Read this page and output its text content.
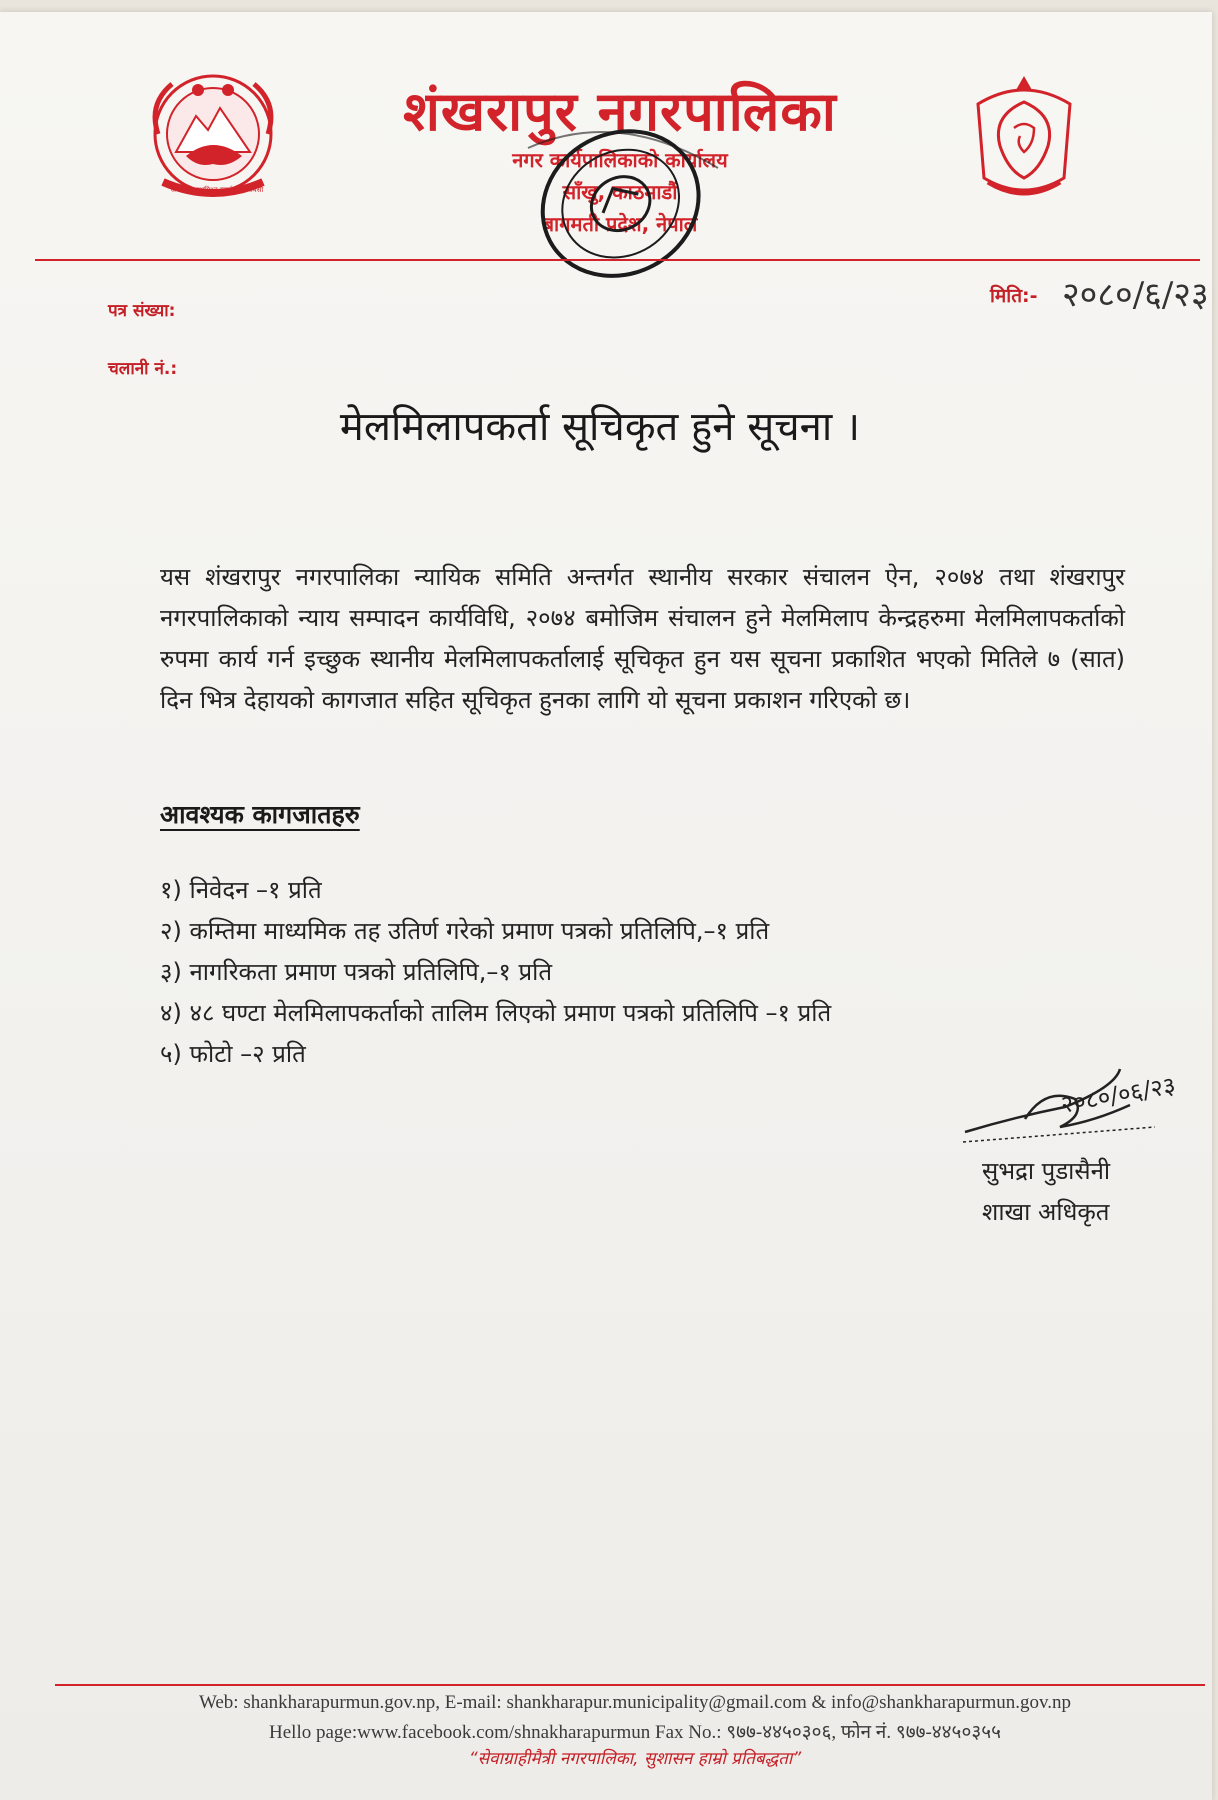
जननी जन्मभूमिश्च स्वर्गादपि गरीयसी
शंखरापुर नगरपालिका
नगर कार्यपालिकाको कार्यालय
साँखु, काठमाडौं
बागमती प्रदेश, नेपाल
पत्र संख्या:
चलानी नं.:
मिति:- २०८०/६/२३
मेलमिलापकर्ता सूचिकृत हुने सूचना ।
यस शंखरापुर नगरपालिका न्यायिक समिति अन्तर्गत स्थानीय सरकार संचालन ऐन, २०७४ तथा शंखरापुर नगरपालिकाको न्याय सम्पादन कार्यविधि, २०७४ बमोजिम संचालन हुने मेलमिलाप केन्द्रहरुमा मेलमिलापकर्ताको रुपमा कार्य गर्न इच्छुक स्थानीय मेलमिलापकर्तालाई सूचिकृत हुन यस सूचना प्रकाशित भएको मितिले ७ (सात) दिन भित्र देहायको कागजात सहित सूचिकृत हुनका लागि यो सूचना प्रकाशन गरिएको छ।
आवश्यक कागजातहरु
१) निवेदन –१ प्रति
२) कम्तिमा माध्यमिक तह उतिर्ण गरेको प्रमाण पत्रको प्रतिलिपि,–१ प्रति
३) नागरिकता प्रमाण पत्रको प्रतिलिपि,–१ प्रति
४) ४८ घण्टा मेलमिलापकर्ताको तालिम लिएको प्रमाण पत्रको प्रतिलिपि –१ प्रति
५) फोटो –२ प्रति
२०८०/०६/२३
सुभद्रा पुडासैनी
शाखा अधिकृत
Web: shankharapurmun.gov.np, E-mail: shankharapur.municipality@gmail.com & info@shankharapurmun.gov.np
Hello page:www.facebook.com/shnakharapurmun Fax No.: ९७७-४४५०३०६, फोन नं. ९७७-४४५०३५५
“सेवाग्राहीमैत्री नगरपालिका, सुशासन हाम्रो प्रतिबद्धता”
